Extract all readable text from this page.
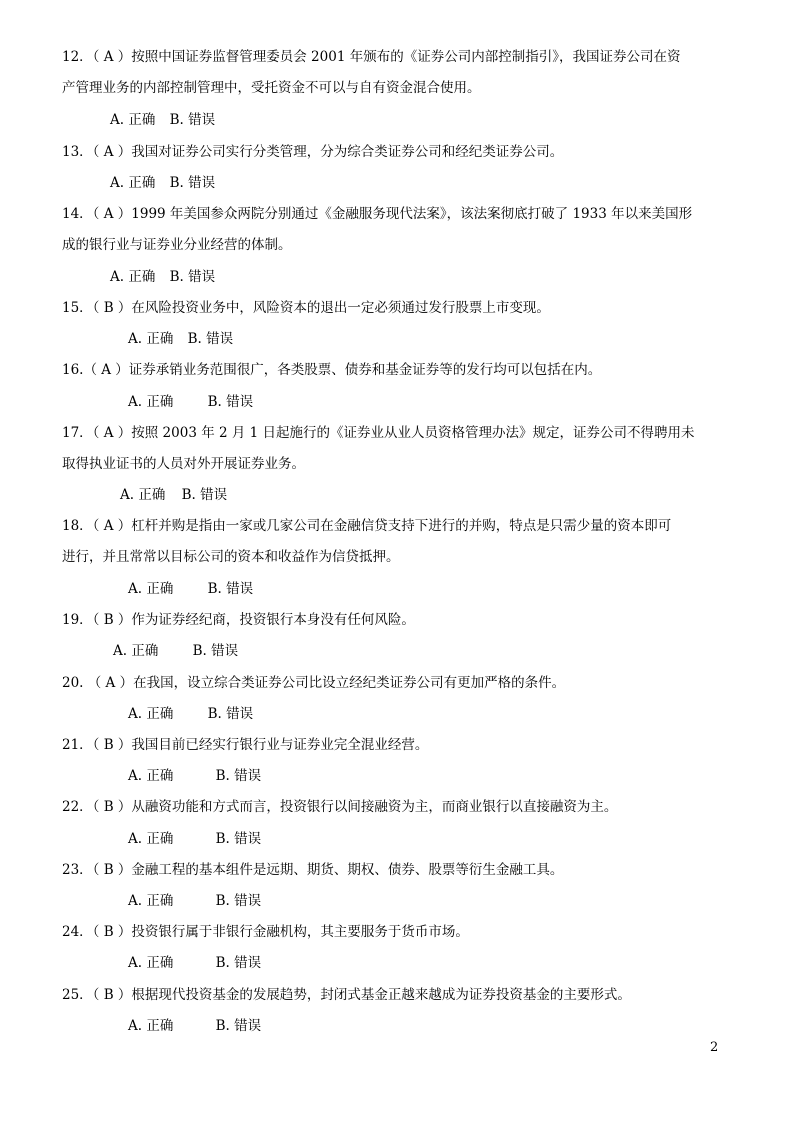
12．（ A ）按照中国证券监督管理委员会 2001 年颁布的《证券公司内部控制指引》，我国证券公司在资
产管理业务的内部控制管理中，受托资金不可以与自有资金混合使用。
A. 正确 B. 错误
13．（ A ）我国对证券公司实行分类管理，分为综合类证券公司和经纪类证券公司。
A. 正确 B. 错误
14．（ A ）1999 年美国参众两院分别通过《金融服务现代法案》，该法案彻底打破了 1933 年以来美国形
成的银行业与证券业分业经营的体制。
A. 正确 B. 错误
15．（ B ）在风险投资业务中，风险资本的退出一定必须通过发行股票上市变现。
A. 正确 B. 错误
16.（ A ）证券承销业务范围很广，各类股票、债券和基金证券等的发行均可以包括在内。
A. 正确	B. 错误
17．（ A ）按照 2003 年 2 月 1 日起施行的《证券业从业人员资格管理办法》规定，证券公司不得聘用未
取得执业证书的人员对外开展证券业务。
A. 正确 B. 错误
18．（ A ）杠杆并购是指由一家或几家公司在金融信贷支持下进行的并购，特点是只需少量的资本即可
进行，并且常常以目标公司的资本和收益作为信贷抵押。
A. 正确	B. 错误
19．（ B ）作为证券经纪商，投资银行本身没有任何风险。
A. 正确	B. 错误
20. （ A ）在我国，设立综合类证券公司比设立经纪类证券公司有更加严格的条件。
A. 正确	B. 错误
21．（ B ）我国目前已经实行银行业与证券业完全混业经营。
A. 正确	B. 错误
22．（ B ）从融资功能和方式而言，投资银行以间接融资为主，而商业银行以直接融资为主。
A. 正确	B. 错误
23．（ B ）金融工程的基本组件是远期、期货、期权、债券、股票等衍生金融工具。
A. 正确	B. 错误
24．（ B ）投资银行属于非银行金融机构，其主要服务于货币市场。
A. 正确	B. 错误
25．（ B ）根据现代投资基金的发展趋势，封闭式基金正越来越成为证券投资基金的主要形式。
A. 正确	B. 错误
2
